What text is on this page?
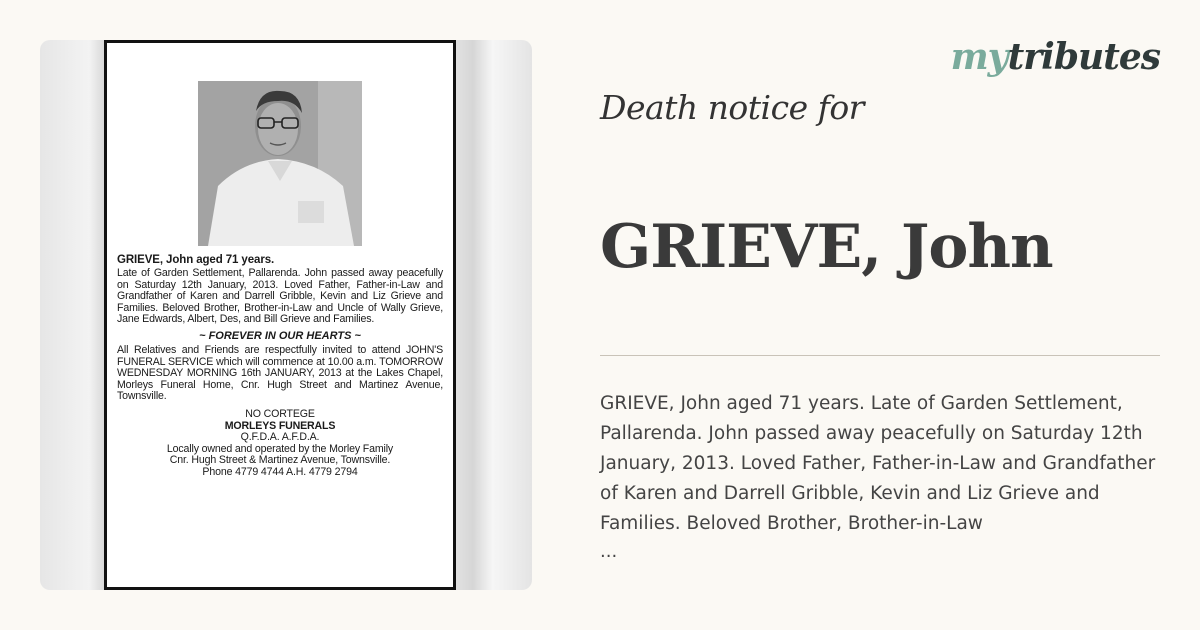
GRIEVE, John aged 71 years.
Late of Garden Settlement, Pallarenda. John passed away peacefully on Saturday 12th January, 2013. Loved Father, Father-in-Law and Grandfather of Karen and Darrell Gribble, Kevin and Liz Grieve and Families. Beloved Brother, Brother-in-Law and Uncle of Wally Grieve, Jane Edwards, Albert, Des, and Bill Grieve and Families.
~ FOREVER IN OUR HEARTS ~
All Relatives and Friends are respectfully invited to attend JOHN'S FUNERAL SERVICE which will commence at 10.00 a.m. TOMORROW WEDNESDAY MORNING 16th JANUARY, 2013 at the Lakes Chapel, Morleys Funeral Home, Cnr. Hugh Street and Martinez Avenue, Townsville.
NO CORTEGE
MORLEYS FUNERALS
Q.F.D.A. A.F.D.A.
Locally owned and operated by the Morley Family
Cnr. Hugh Street & Martinez Avenue, Townsville.
Phone 4779 4744 A.H. 4779 2794
mytributes
Death notice for
GRIEVE, John
GRIEVE, John aged 71 years. Late of Garden Settlement, Pallarenda. John passed away peacefully on Saturday 12th January, 2013. Loved Father, Father-in-Law and Grandfather of Karen and Darrell Gribble, Kevin and Liz Grieve and Families. Beloved Brother, Brother-in-Law
...
